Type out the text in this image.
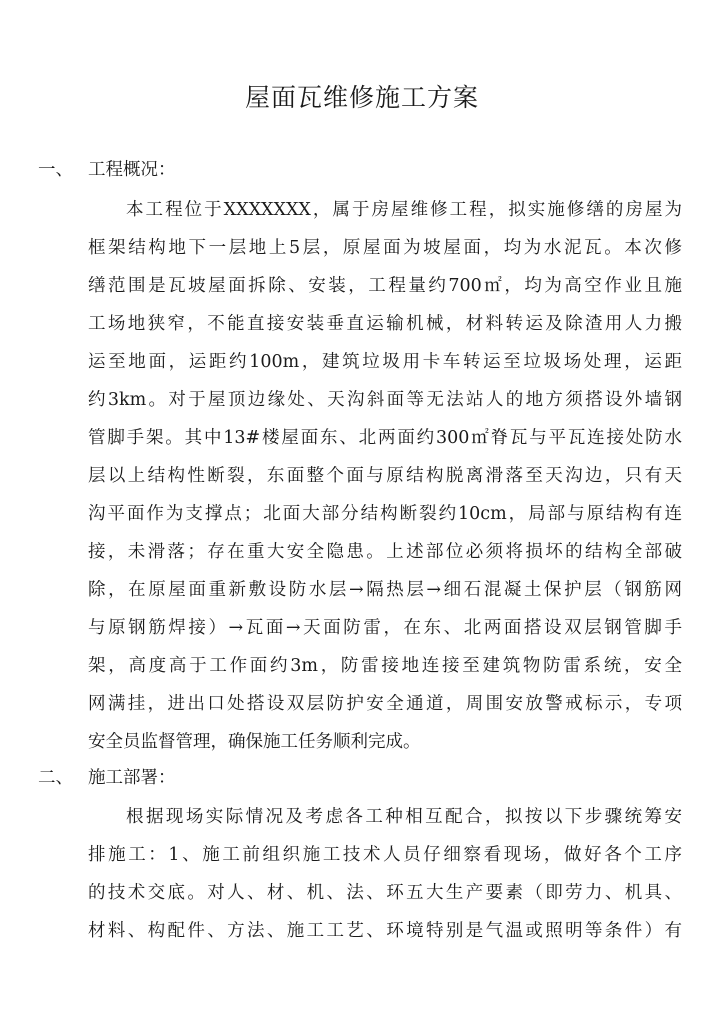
屋面瓦维修施工方案
一、 工程概况：
本工程位于XXXXXXX，属于房屋维修工程，拟实施修缮的房屋为
框架结构地下一层地上5层，原屋面为坡屋面，均为水泥瓦。本次修
缮范围是瓦坡屋面拆除、安装，工程量约700㎡，均为高空作业且施
工场地狭窄，不能直接安装垂直运输机械，材料转运及除渣用人力搬
运至地面，运距约100m，建筑垃圾用卡车转运至垃圾场处理，运距
约3km。对于屋顶边缘处、天沟斜面等无法站人的地方须搭设外墙钢
管脚手架。其中13#楼屋面东、北两面约300㎡脊瓦与平瓦连接处防水
层以上结构性断裂，东面整个面与原结构脱离滑落至天沟边，只有天
沟平面作为支撑点；北面大部分结构断裂约10cm，局部与原结构有连
接，未滑落；存在重大安全隐患。上述部位必须将损坏的结构全部破
除，在原屋面重新敷设防水层→隔热层→细石混凝土保护层（钢筋网
与原钢筋焊接）→瓦面→天面防雷，在东、北两面搭设双层钢管脚手
架，高度高于工作面约3m，防雷接地连接至建筑物防雷系统，安全
网满挂，进出口处搭设双层防护安全通道，周围安放警戒标示，专项
安全员监督管理，确保施工任务顺利完成。
二、 施工部署：
根据现场实际情况及考虑各工种相互配合，拟按以下步骤统筹安
排施工：1、施工前组织施工技术人员仔细察看现场，做好各个工序
的技术交底。对人、材、机、法、环五大生产要素（即劳力、机具、
材料、构配件、方法、施工工艺、环境特别是气温或照明等条件）有
